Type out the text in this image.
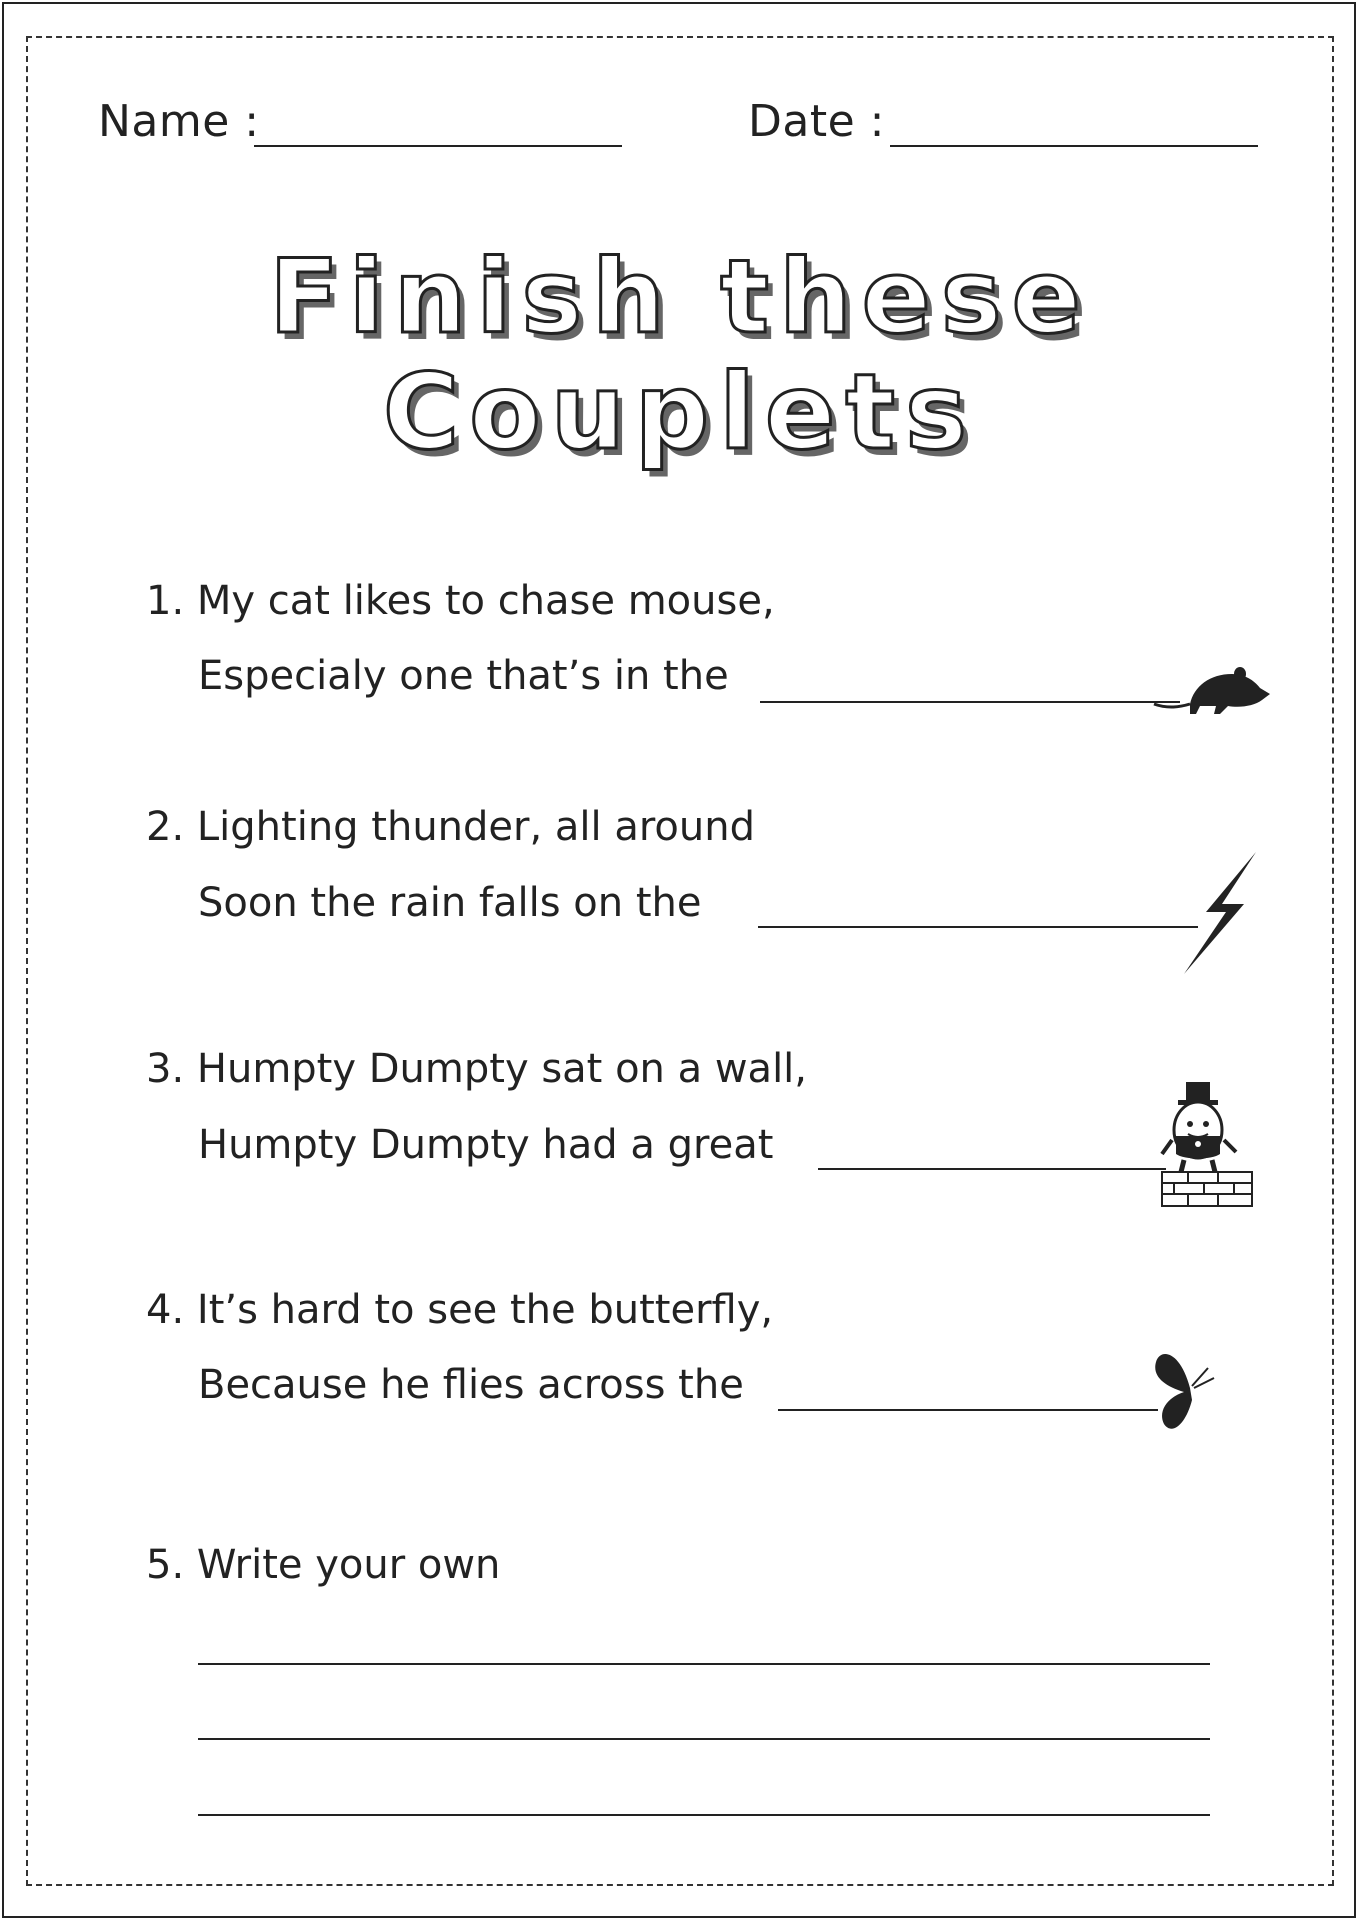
Name :	Date :
Finish these
Couplets
1. My cat likes to chase mouse,
Especialy one that’s in the
2. Lighting thunder, all around
Soon the rain falls on the
3. Humpty Dumpty sat on a wall,
Humpty Dumpty had a great
4. It’s hard to see the butterfly,
Because he flies across the
5. Write your own
